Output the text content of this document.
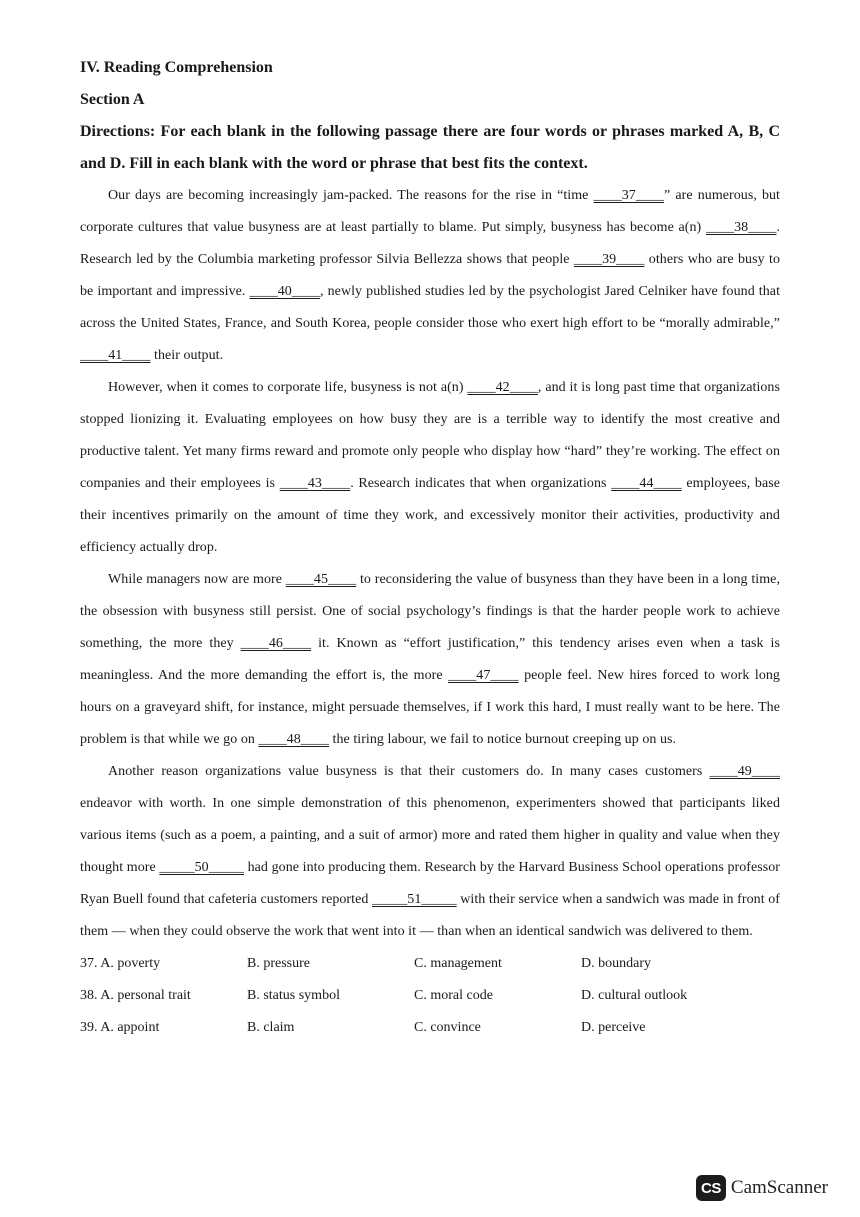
IV. Reading Comprehension

Section A

Directions: For each blank in the following passage there are four words or phrases marked A, B, C and D. Fill in each blank with the word or phrase that best fits the context.

Our days are becoming increasingly jam-packed. The reasons for the rise in “time ____37____” are numerous, but corporate cultures that value busyness are at least partially to blame. Put simply, busyness has become a(n) ____38____. Research led by the Columbia marketing professor Silvia Bellezza shows that people ____39____ others who are busy to be important and impressive. ____40____, newly published studies led by the psychologist Jared Celniker have found that across the United States, France, and South Korea, people consider those who exert high effort to be “morally admirable,” ____41____ their output.

However, when it comes to corporate life, busyness is not a(n) ____42____, and it is long past time that organizations stopped lionizing it. Evaluating employees on how busy they are is a terrible way to identify the most creative and productive talent. Yet many firms reward and promote only people who display how “hard” they’re working. The effect on companies and their employees is ____43____. Research indicates that when organizations ____44____ employees, base their incentives primarily on the amount of time they work, and excessively monitor their activities, productivity and efficiency actually drop.

While managers now are more ____45____ to reconsidering the value of busyness than they have been in a long time, the obsession with busyness still persist. One of social psychology’s findings is that the harder people work to achieve something, the more they ____46____ it. Known as “effort justification,” this tendency arises even when a task is meaningless. And the more demanding the effort is, the more ____47____ people feel. New hires forced to work long hours on a graveyard shift, for instance, might persuade themselves, if I work this hard, I must really want to be here. The problem is that while we go on ____48____ the tiring labour, we fail to notice burnout creeping up on us.

Another reason organizations value busyness is that their customers do. In many cases customers ____49____ endeavor with worth. In one simple demonstration of this phenomenon, experimenters showed that participants liked various items (such as a poem, a painting, and a suit of armor) more and rated them higher in quality and value when they thought more _____50_____ had gone into producing them. Research by the Harvard Business School operations professor Ryan Buell found that cafeteria customers reported _____51_____ with their service when a sandwich was made in front of them — when they could observe the work that went into it — than when an identical sandwich was delivered to them.

37. A. poverty	B. pressure	C. management	D. boundary
38. A. personal trait	B. status symbol	C. moral code	D. cultural outlook
39. A. appoint	B. claim	C. convince	D. perceive
CS CamScanner
